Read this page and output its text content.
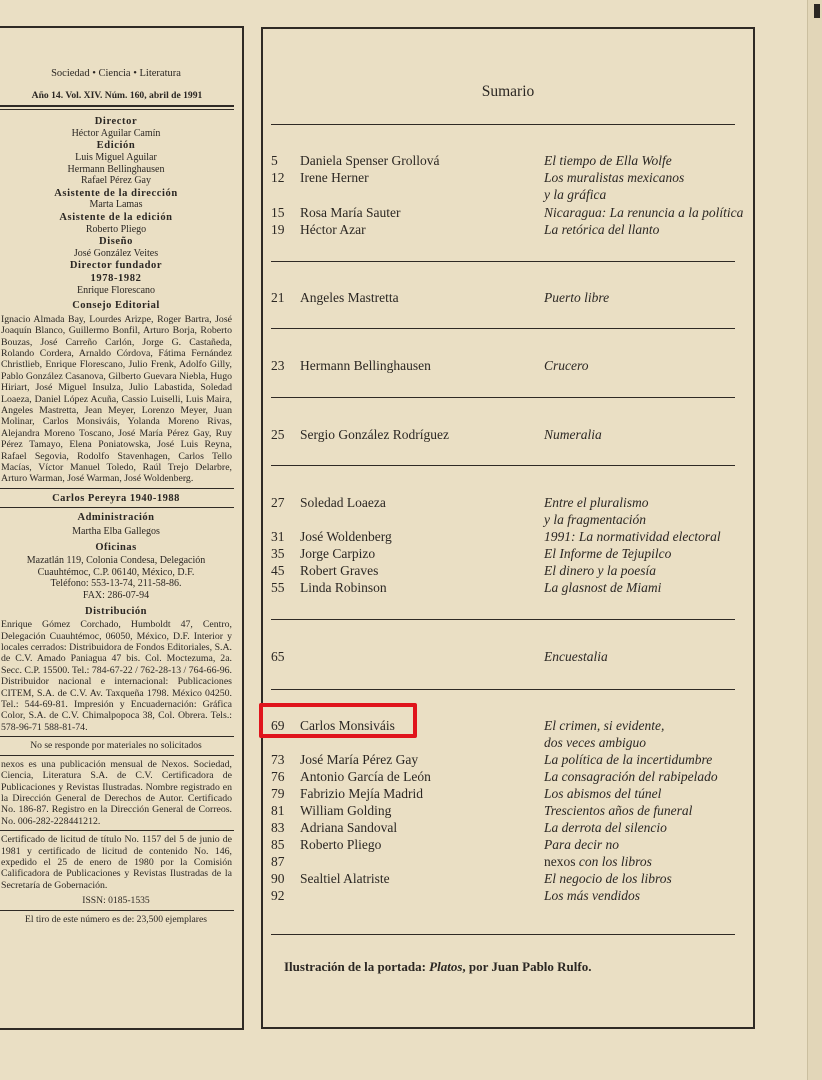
Sociedad • Ciencia • Literatura
Año 14. Vol. XIV. Núm. 160, abril de 1991
Director
Héctor Aguilar Camín
Edición
Luis Miguel Aguilar
Hermann Bellinghausen
Rafael Pérez Gay
Asistente de la dirección
Marta Lamas
Asistente de la edición
Roberto Pliego
Diseño
José González Veites
Director fundador
1978-1982
Enrique Florescano
Consejo Editorial
Ignacio Almada Bay, Lourdes Arizpe, Roger Bartra, José Joaquín Blanco, Guillermo Bonfil, Arturo Borja, Roberto Bouzas, José Carreño Carlón, Jorge G. Castañeda, Rolando Cordera, Arnaldo Córdova, Fátima Fernández Christlieb, Enrique Florescano, Julio Frenk, Adolfo Gilly, Pablo González Casanova, Gilberto Guevara Niebla, Hugo Hiriart, José Miguel Insulza, Julio Labastida, Soledad Loaeza, Daniel López Acuña, Cassio Luiselli, Luis Maira, Angeles Mastretta, Jean Meyer, Lorenzo Meyer, Juan Molinar, Carlos Monsiváis, Yolanda Moreno Rivas, Alejandra Moreno Toscano, José María Pérez Gay, Ruy Pérez Tamayo, Elena Poniatowska, José Luis Reyna, Rafael Segovia, Rodolfo Stavenhagen, Carlos Tello Macías, Víctor Manuel Toledo, Raúl Trejo Delarbre, Arturo Warman, José Warman, José Woldenberg.
Carlos Pereyra 1940-1988
Administración
Martha Elba Gallegos
Oficinas
Mazatlán 119, Colonia Condesa, Delegación
Cuauhtémoc, C.P. 06140, México, D.F.
Teléfono: 553-13-74, 211-58-86.
FAX: 286-07-94
Distribución
Enrique Gómez Corchado, Humboldt 47, Centro, Delegación Cuauhtémoc, 06050, México, D.F. Interior y locales cerrados: Distribuidora de Fondos Editoriales, S.A. de C.V. Amado Paniagua 47 bis. Col. Moctezuma, 2a. Secc. C.P. 15500. Tel.: 784-67-22 / 762-28-13 / 764-66-96. Distribuidor nacional e internacional: Publicaciones CITEM, S.A. de C.V. Av. Taxqueña 1798. México 04250. Tel.: 544-69-81. Impresión y Encuadernación: Gráfica Color, S.A. de C.V. Chimalpopoca 38, Col. Obrera. Tels.: 578-96-71 588-81-74.
No se responde por materiales no solicitados
nexos es una publicación mensual de Nexos. Sociedad, Ciencia, Literatura S.A. de C.V. Certificadora de Publicaciones y Revistas Ilustradas. Nombre registrado en la Dirección General de Derechos de Autor. Certificado No. 186-87. Registro en la Dirección General de Correos. No. 006-282-228441212.
Certificado de licitud de título No. 1157 del 5 de junio de 1981 y certificado de licitud de contenido No. 146, expedido el 25 de enero de 1980 por la Comisión Calificadora de Publicaciones y Revistas Ilustradas de la Secretaría de Gobernación.
ISSN: 0185-1535
El tiro de este número es de: 23,500 ejemplares
Sumario
5 Daniela Spenser Grollová	El tiempo de Ella Wolfe
12 Irene Herner	Los muralistas mexicanos
y la gráfica
15 Rosa María Sauter	Nicaragua: La renuncia a la política
19 Héctor Azar	La retórica del llanto
21 Angeles Mastretta	Puerto libre
23 Hermann Bellinghausen	Crucero
25 Sergio González Rodríguez	Numeralia
27 Soledad Loaeza	Entre el pluralismo
y la fragmentación
31 José Woldenberg	1991: La normatividad electoral
35 Jorge Carpizo	El Informe de Tejupilco
45 Robert Graves	El dinero y la poesía
55 Linda Robinson	La glasnost de Miami
65	Encuestalia
69 Carlos Monsiváis	El crimen, si evidente,
dos veces ambiguo
73 José María Pérez Gay	La política de la incertidumbre
76 Antonio García de León	La consagración del rabipelado
79 Fabrizio Mejía Madrid	Los abismos del túnel
81 William Golding	Trescientos años de funeral
83 Adriana Sandoval	La derrota del silencio
85 Roberto Pliego	Para decir no
87	nexos con los libros
90 Sealtiel Alatriste	El negocio de los libros
92	Los más vendidos
Ilustración de la portada: Platos, por Juan Pablo Rulfo.
